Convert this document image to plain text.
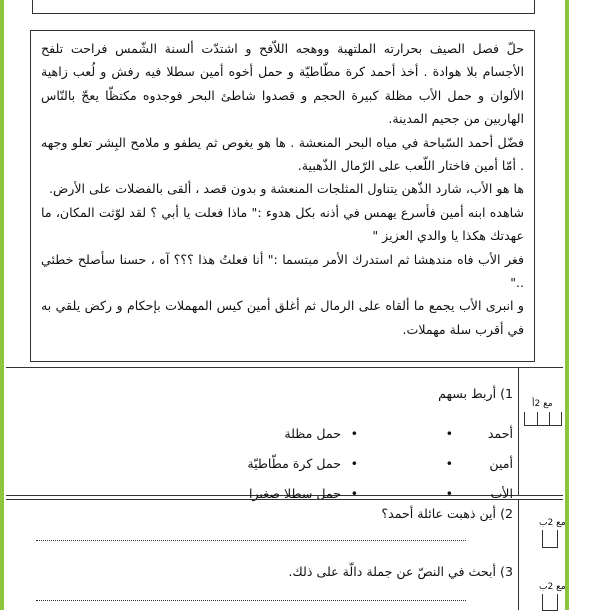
حلّ فصل الصيف بحرارته الملتهبة ووهجه اللاّفح و اشتدّت ألسنة الشّمس فراحت تلفح الأجسام بلا هوادة . أخذ أحمد كرة مطّاطيّة و حمل أخوه أمين سطلا فيه رفش و لُعب زاهية الألوان و حمل الأب مظلة كبيرة الحجم و قصدوا شاطئ البحر فوجدوه مكتظّا يعجّ بالنّاس الهاربين من جحيم المدينة.

فضّل أحمد السّباحة في مياه البحر المنعشة . ها هو يغوص ثم يطفو و ملامح البِشر تعلو وجهه . أمّا أمين فاختار اللّعب على الرّمال الذّهبية.

ها هو الأب، شارد الذّهن يتناول المثلجات المنعشة و بدون قصد ، ألقى بالفضلات على الأرض.

شاهده ابنه أمين فأسرع يهمس في أذنه بكل هدوء :" ماذا فعلت يا أبي ؟ لقد لوّثت المكان، ما عهدتك هكذا يا والدي العزيز "

فغر الأب فاه مندهشا ثم استدرك الأمر مبتسما :" أنا فعلتُ هذا ؟؟؟ آه ، حسنا سأصلح خطئي .."

و انبرى الأب يجمع ما ألقاه على الرمال ثم أغلق أمين كيس المهملات بإحكام و ركض يلقي به في أقرب سلة مهملات.

مع 2أ
1) أربط بسهم
أحمد
•
•
حمل مظلة
أمين
•
•
حمل كرة مطّاطيّة
الأب
•
•
حمل سطلا صغيرا
مع 2ب
مع 2ب
2) أين ذهبت عائلة أحمد؟
3) أبحث في النصّ عن جملة دالّة على ذلك.
